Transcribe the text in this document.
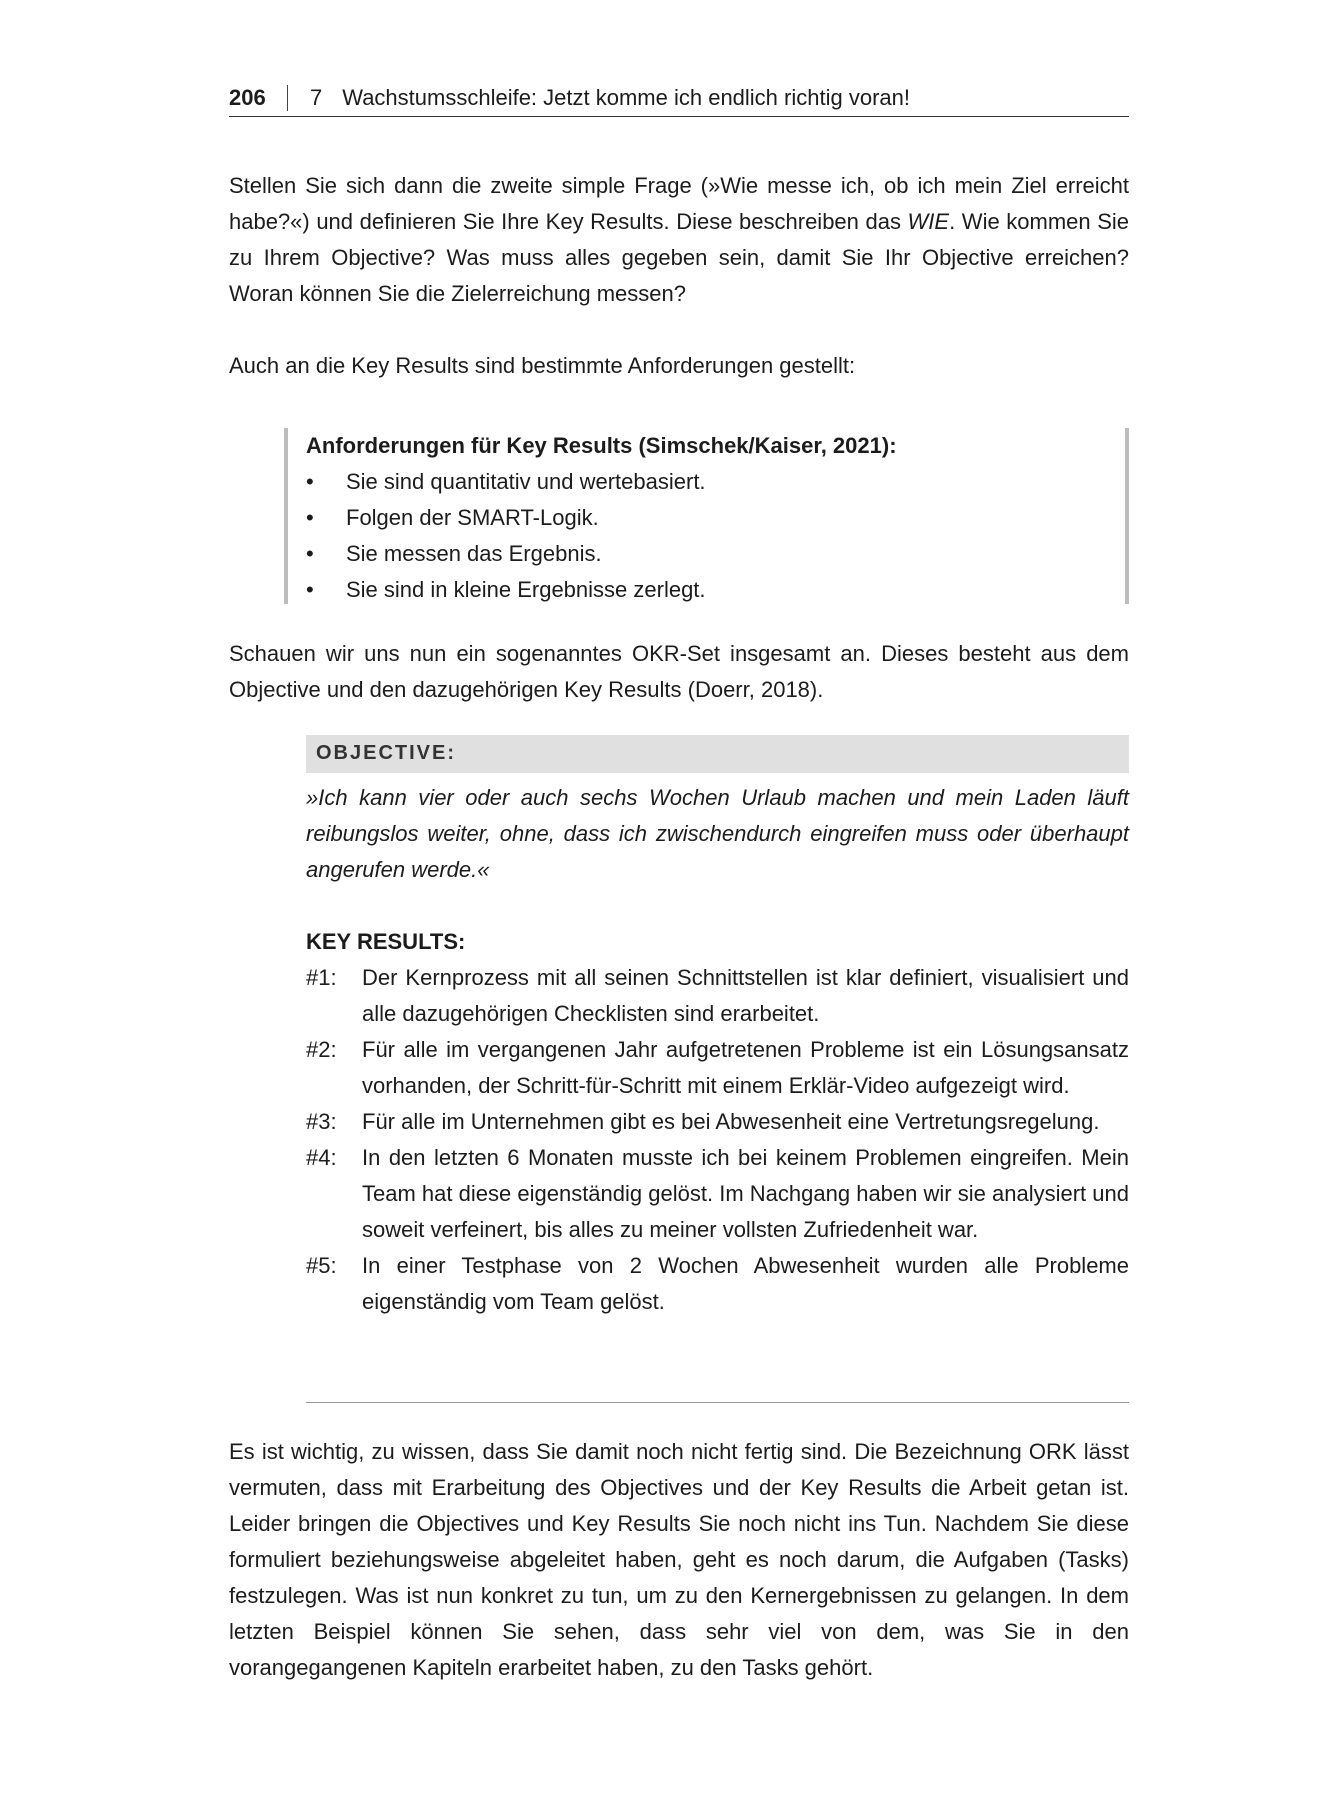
206	7 Wachstumsschleife: Jetzt komme ich endlich richtig voran!

Stellen Sie sich dann die zweite simple Frage (»Wie messe ich, ob ich mein Ziel erreicht habe?«) und definieren Sie Ihre Key Results. Diese beschreiben das WIE. Wie kommen Sie zu Ihrem Objective? Was muss alles gegeben sein, damit Sie Ihr Objective erreichen? Woran können Sie die Zielerreichung messen?

Auch an die Key Results sind bestimmte Anforderungen gestellt:

Anforderungen für Key Results (Simschek/Kaiser, 2021):
•	Sie sind quantitativ und wertebasiert.
•	Folgen der SMART-Logik.
•	Sie messen das Ergebnis.
•	Sie sind in kleine Ergebnisse zerlegt.

Schauen wir uns nun ein sogenanntes OKR-Set insgesamt an. Dieses besteht aus dem Objective und den dazugehörigen Key Results (Doerr, 2018).

OBJECTIVE:

»Ich kann vier oder auch sechs Wochen Urlaub machen und mein Laden läuft reibungslos weiter, ohne, dass ich zwischendurch eingreifen muss oder überhaupt angerufen werde.«

KEY RESULTS:
#1:	Der Kernprozess mit all seinen Schnittstellen ist klar definiert, visualisiert und alle dazugehörigen Checklisten sind erarbeitet.
#2:	Für alle im vergangenen Jahr aufgetretenen Probleme ist ein Lösungsansatz vorhanden, der Schritt-für-Schritt mit einem Erklär-Video aufgezeigt wird.
#3:	Für alle im Unternehmen gibt es bei Abwesenheit eine Vertretungsregelung.
#4:	In den letzten 6 Monaten musste ich bei keinem Problemen eingreifen. Mein Team hat diese eigenständig gelöst. Im Nachgang haben wir sie analysiert und soweit verfeinert, bis alles zu meiner vollsten Zufriedenheit war.
#5:	In einer Testphase von 2 Wochen Abwesenheit wurden alle Probleme eigenständig vom Team gelöst.

Es ist wichtig, zu wissen, dass Sie damit noch nicht fertig sind. Die Bezeichnung ORK lässt vermuten, dass mit Erarbeitung des Objectives und der Key Results die Arbeit getan ist. Leider bringen die Objectives und Key Results Sie noch nicht ins Tun. Nachdem Sie diese formuliert beziehungsweise abgeleitet haben, geht es noch darum, die Aufgaben (Tasks) festzulegen. Was ist nun konkret zu tun, um zu den Kernergebnissen zu gelangen. In dem letzten Beispiel können Sie sehen, dass sehr viel von dem, was Sie in den vorangegangenen Kapiteln erarbeitet haben, zu den Tasks gehört.
